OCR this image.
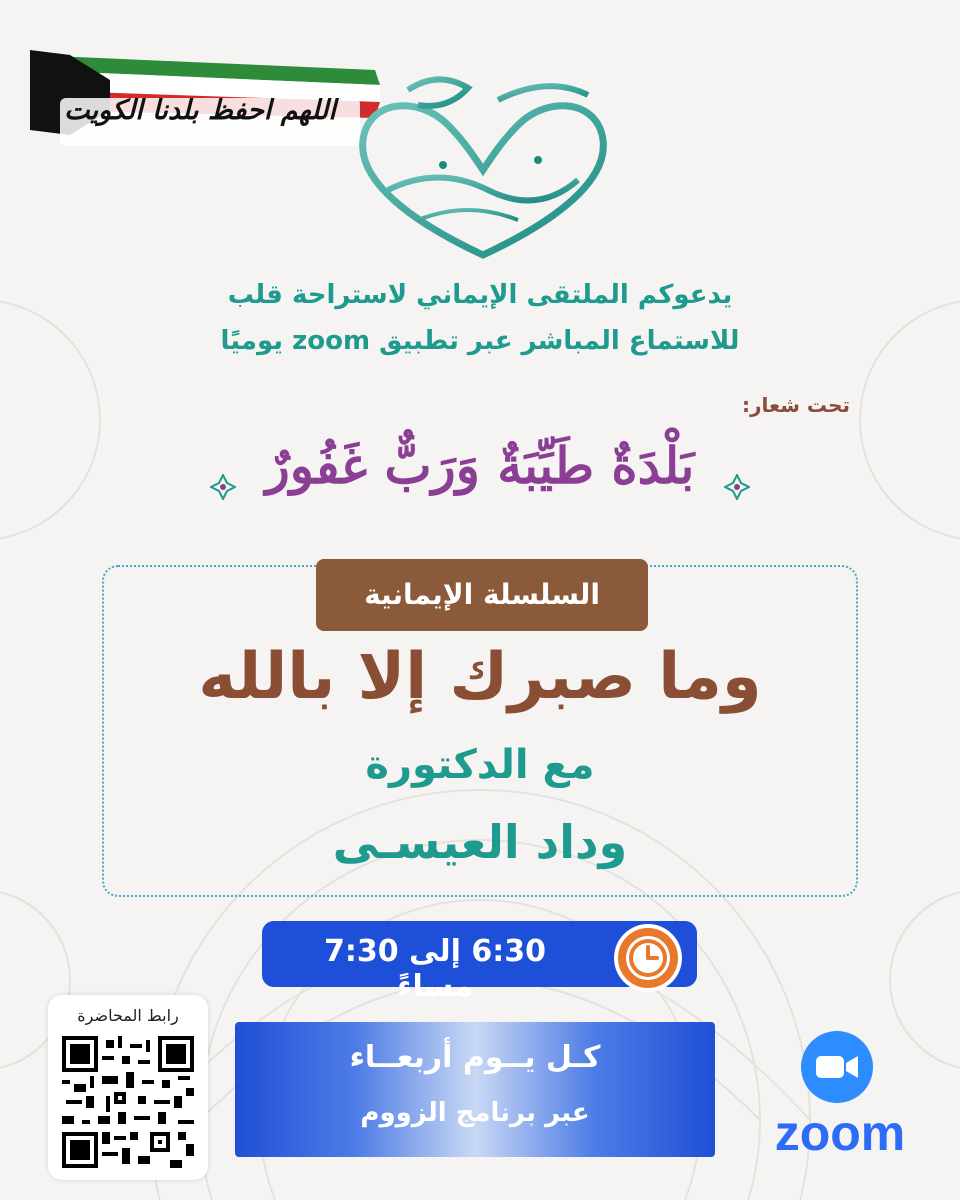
اللهم احفظ بلدنا الكويت
يدعوكم الملتقى الإيماني لاستراحة قلب
للاستماع المباشر عبر تطبيق zoom يوميًا
تحت شعار:
بَلْدَةٌ طَيِّبَةٌ وَرَبٌّ غَفُورٌ
السلسلة الإيمانية
وما صبرك إلا بالله
مع الدكتورة
وداد العيسـى
6:30 إلى 7:30 مساءً
كـل يــوم أربعــاء
عبر برنامج الزووم
رابط المحاضرة
zoom
